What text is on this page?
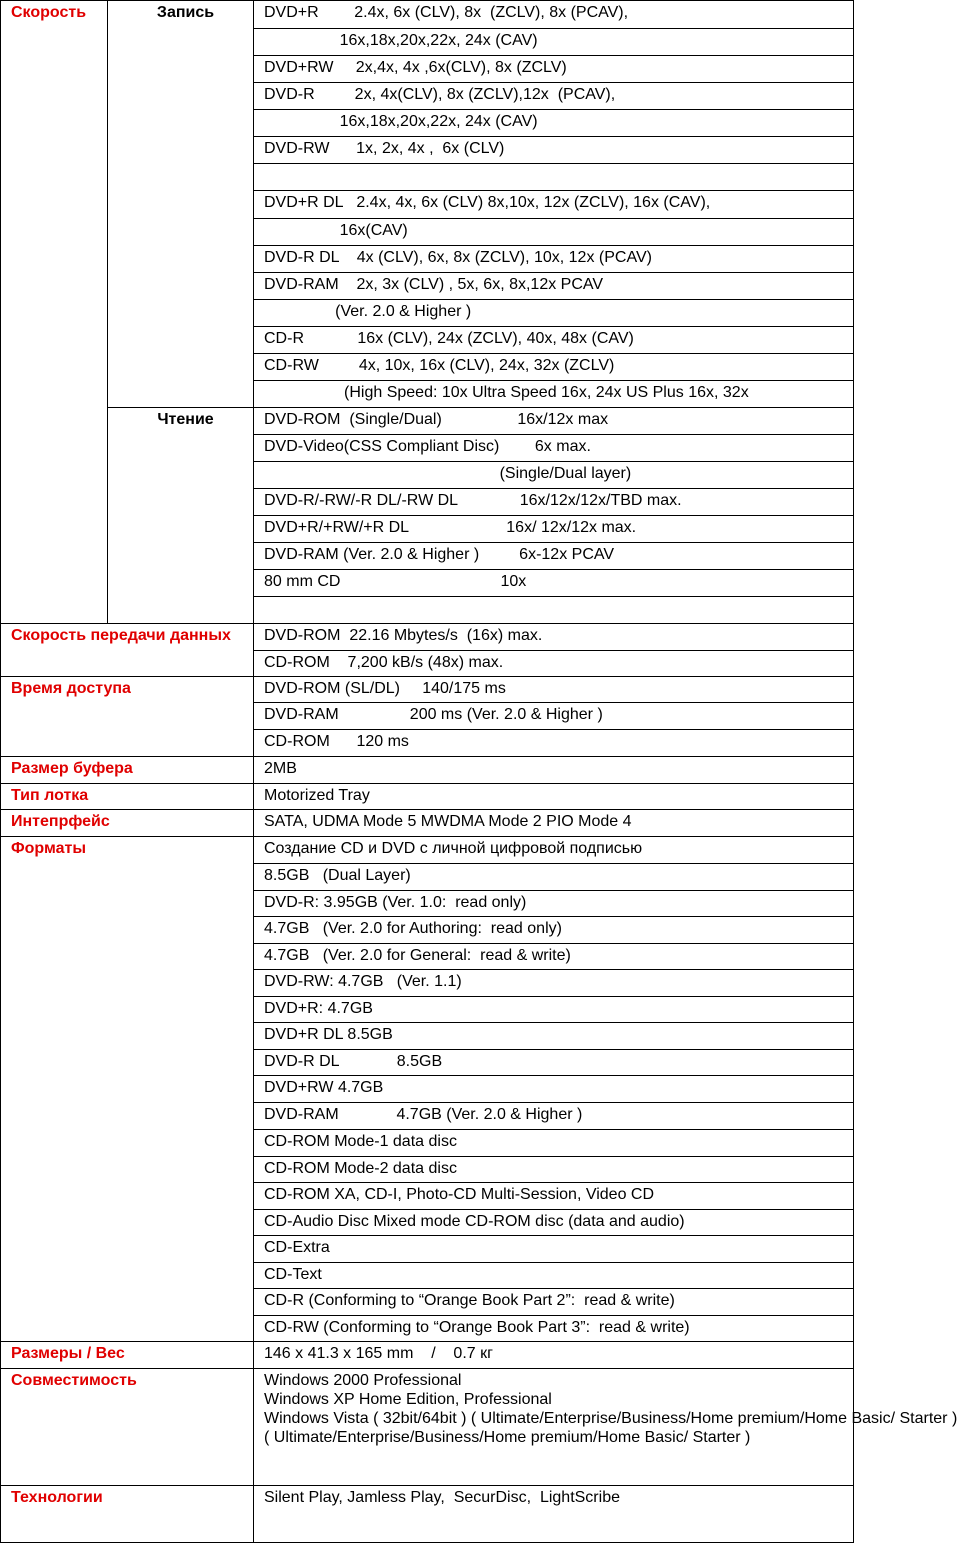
Скорость	Запись	DVD+R        2.4x, 6x (CLV), 8x  (ZCLV), 8x (PCAV),
		16x,18x,20x,22x, 24x (CAV)
		DVD+RW     2x,4x, 4x ,6x(CLV), 8x (ZCLV)
		DVD-R         2x, 4x(CLV), 8x (ZCLV),12x  (PCAV),
		16x,18x,20x,22x, 24x (CAV)
		DVD-RW      1x, 2x, 4x ,  6x (CLV)

		DVD+R DL   2.4x, 4x, 6x (CLV) 8x,10x, 12x (ZCLV), 16x (CAV),
		16x(CAV)
		DVD-R DL    4x (CLV), 6x, 8x (ZCLV), 10x, 12x (PCAV)
		DVD-RAM    2x, 3x (CLV) , 5x, 6x, 8x,12x PCAV
		(Ver. 2.0 & Higher )
		CD-R            16x (CLV), 24x (ZCLV), 40x, 48x (CAV)
		CD-RW         4x, 10x, 16x (CLV), 24x, 32x (ZCLV)
		(High Speed: 10x Ultra Speed 16x, 24x US Plus 16x, 32x
	Чтение	DVD-ROM  (Single/Dual)                 16x/12x max
		DVD-Video(CSS Compliant Disc)        6x max.
		(Single/Dual layer)
		DVD-R/-RW/-R DL/-RW DL              16x/12x/12x/TBD max.
		DVD+R/+RW/+R DL                      16x/ 12x/12x max.
		DVD-RAM (Ver. 2.0 & Higher )         6x-12x PCAV
		80 mm CD                                    10x

Скорость передачи данных		DVD-ROM  22.16 Mbytes/s  (16x) max.
		CD-ROM    7,200 kB/s (48x) max.
Время доступа		DVD-ROM (SL/DL)     140/175 ms
		DVD-RAM                200 ms (Ver. 2.0 & Higher )
		CD-ROM      120 ms
Размер буфера		2MB
Тип лотка		Motorized Tray
Интепрфейс		SATA, UDMA Mode 5 MWDMA Mode 2 PIO Mode 4
Форматы		Создание CD и DVD с личной цифровой подписью
		8.5GB   (Dual Layer)
		DVD-R: 3.95GB (Ver. 1.0:  read only)
		4.7GB   (Ver. 2.0 for Authoring:  read only)
		4.7GB   (Ver. 2.0 for General:  read & write)
		DVD-RW: 4.7GB   (Ver. 1.1)
		DVD+R: 4.7GB
		DVD+R DL 8.5GB
		DVD-R DL             8.5GB
		DVD+RW 4.7GB
		DVD-RAM             4.7GB (Ver. 2.0 & Higher )
		CD-ROM Mode-1 data disc
		CD-ROM Mode-2 data disc
		CD-ROM XA, CD-I, Photo-CD Multi-Session, Video CD
		CD-Audio Disc Mixed mode CD-ROM disc (data and audio)
		CD-Extra
		CD-Text
		CD-R (Conforming to “Orange Book Part 2”:  read & write)
		CD-RW (Conforming to “Orange Book Part 3”:  read & write)
Размеры / Вес		146 x 41.3 x 165 mm    /    0.7 кг
Совместимость		Windows 2000 Professional
Windows XP Home Edition, Professional
Windows Vista ( 32bit/64bit ) ( Ultimate/Enterprise/Business/Home premium/Home Basic/ Starter )
( Ultimate/Enterprise/Business/Home premium/Home Basic/ Starter )
Технологии		Silent Play, Jamless Play,  SecurDisc,  LightScribe
